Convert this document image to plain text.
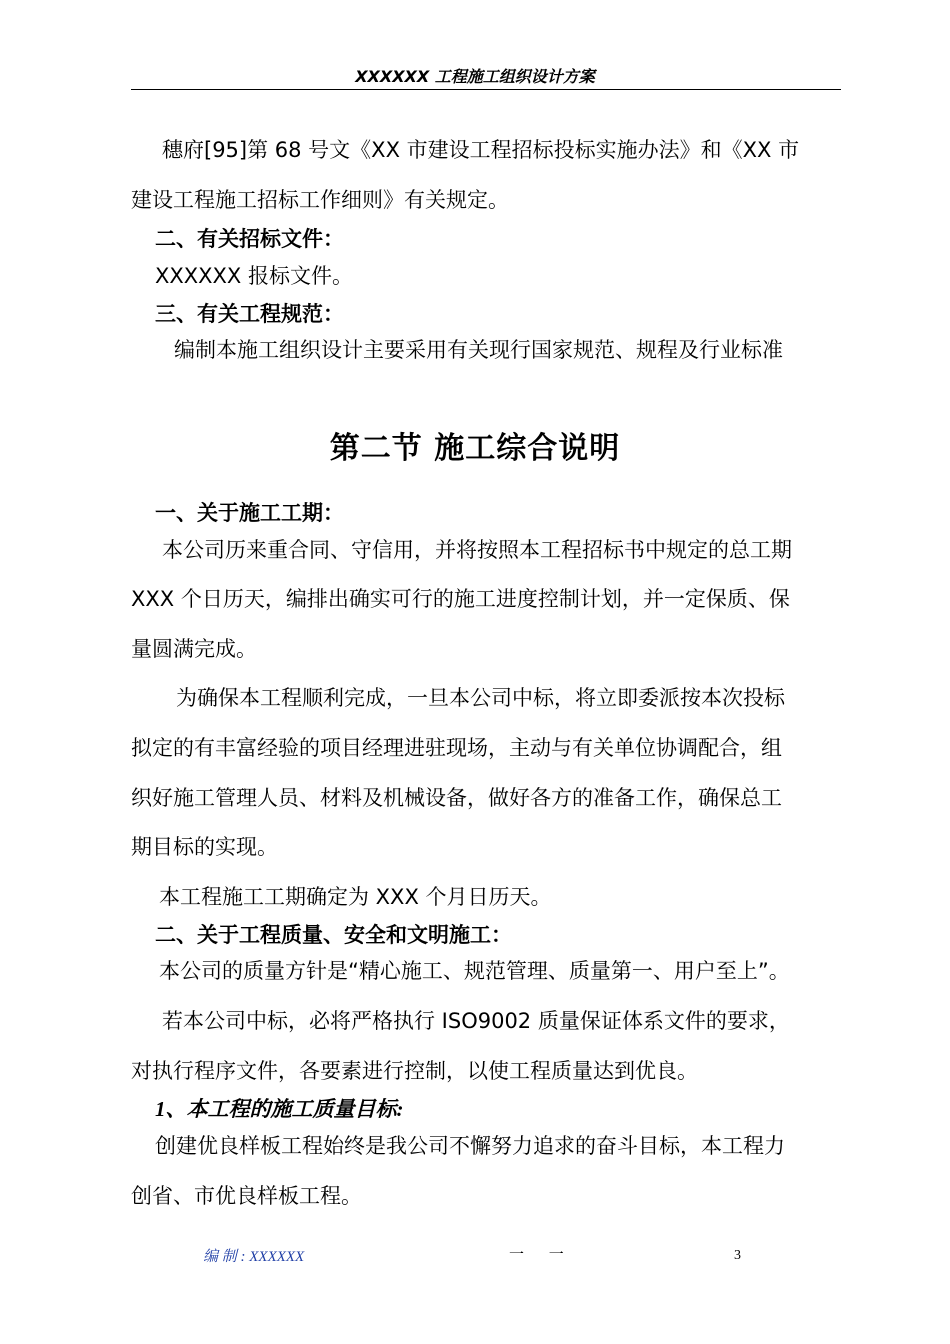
XXXXXX 工程施工组织设计方案
穗府[95]第 68 号文《XX 市建设工程招标投标实施办法》和《XX 市
建设工程施工招标工作细则》有关规定。
二、有关招标文件：
XXXXXX 报标文件。
三、有关工程规范：
编制本施工组织设计主要采用有关现行国家规范、规程及行业标准
第二节 施工综合说明
一、关于施工工期：
本公司历来重合同、守信用，并将按照本工程招标书中规定的总工期
XXX 个日历天，编排出确实可行的施工进度控制计划，并一定保质、保
量圆满完成。
为确保本工程顺利完成，一旦本公司中标，将立即委派按本次投标
拟定的有丰富经验的项目经理进驻现场，主动与有关单位协调配合，组
织好施工管理人员、材料及机械设备，做好各方的准备工作，确保总工
期目标的实现。
本工程施工工期确定为 XXX 个月日历天。
二、关于工程质量、安全和文明施工：
本公司的质量方针是“精心施工、规范管理、质量第一、用户至上”。
若本公司中标，必将严格执行 ISO9002 质量保证体系文件的要求，
对执行程序文件，各要素进行控制，以使工程质量达到优良。
1、本工程的施工质量目标:
创建优良样板工程始终是我公司不懈努力追求的奋斗目标，本工程力
创省、市优良样板工程。
编 制 : XXXXXX	一 一	3
